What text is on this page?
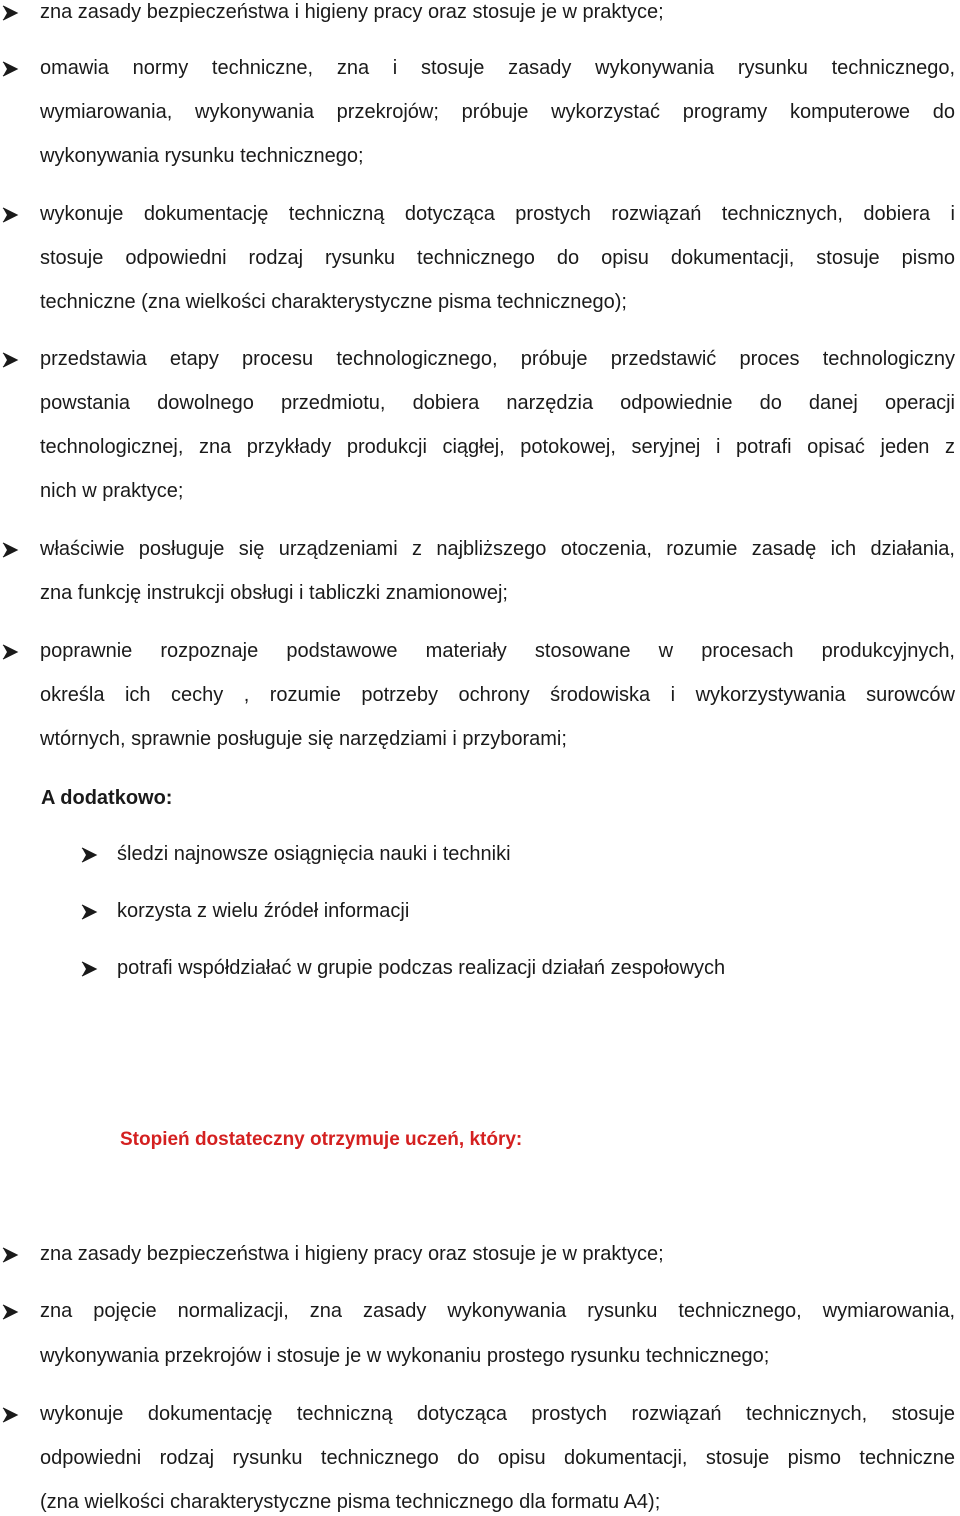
zna zasady bezpieczeństwa i higieny pracy oraz stosuje je w praktyce;
omawia normy techniczne, zna i stosuje zasady wykonywania rysunku technicznego,
wymiarowania, wykonywania przekrojów; próbuje wykorzystać programy komputerowe do
wykonywania rysunku technicznego;
wykonuje dokumentację techniczną dotycząca prostych rozwiązań technicznych, dobiera i
stosuje odpowiedni rodzaj rysunku technicznego do opisu dokumentacji, stosuje pismo
techniczne (zna wielkości charakterystyczne pisma technicznego);
przedstawia etapy procesu technologicznego, próbuje przedstawić proces technologiczny
powstania dowolnego przedmiotu, dobiera narzędzia odpowiednie do danej operacji
technologicznej, zna przykłady produkcji ciągłej, potokowej, seryjnej i potrafi opisać jeden z
nich w praktyce;
właściwie posługuje się urządzeniami z najbliższego otoczenia, rozumie zasadę ich działania,
zna funkcję instrukcji obsługi i tabliczki znamionowej;
poprawnie rozpoznaje podstawowe materiały stosowane w procesach produkcyjnych,
określa ich cechy , rozumie potrzeby ochrony środowiska i wykorzystywania surowców
wtórnych, sprawnie posługuje się narzędziami i przyborami;
A dodatkowo:
śledzi najnowsze osiągnięcia nauki i techniki
korzysta z wielu źródeł informacji
potrafi współdziałać w grupie podczas realizacji działań zespołowych
Stopień dostateczny otrzymuje uczeń, który:
zna zasady bezpieczeństwa i higieny pracy oraz stosuje je w praktyce;
zna pojęcie normalizacji, zna zasady wykonywania rysunku technicznego, wymiarowania,
wykonywania przekrojów i stosuje je w wykonaniu prostego rysunku technicznego;
wykonuje dokumentację techniczną dotycząca prostych rozwiązań technicznych, stosuje
odpowiedni rodzaj rysunku technicznego do opisu dokumentacji, stosuje pismo techniczne
(zna wielkości charakterystyczne pisma technicznego dla formatu A4);
